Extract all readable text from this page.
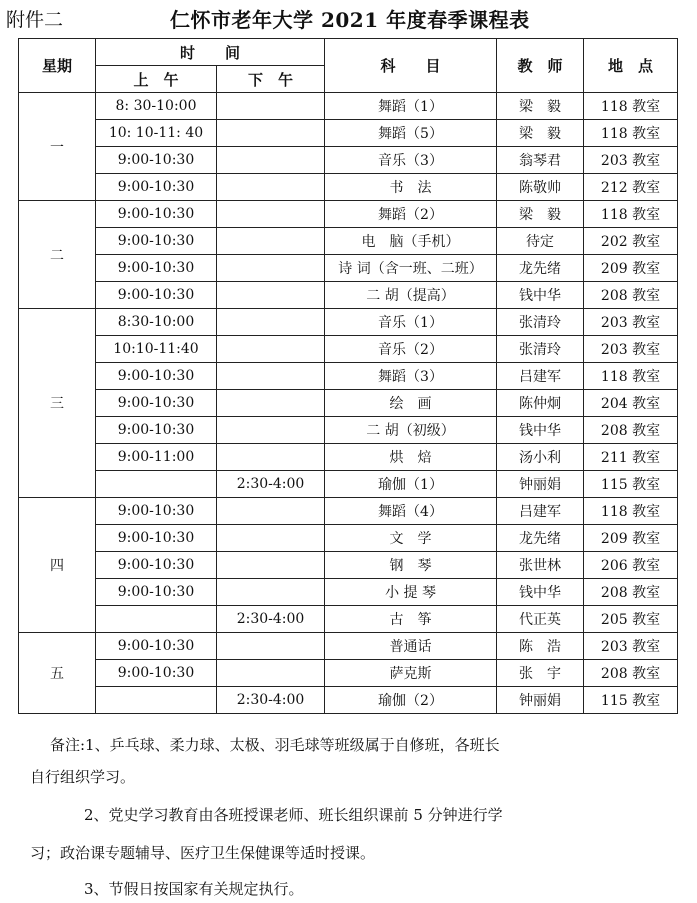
附件二	仁怀市老年大学 2021 年度春季课程表
星期	时　　间		科　　目	教　师	地　点
	上　午	下　午			
一	8: 30-10:00		舞蹈（1）	梁　毅	118 教室
	10: 10-11: 40		舞蹈（5）	梁　毅	118 教室
	9:00-10:30		音乐（3）	翁琴君	203 教室
	9:00-10:30		书　法	陈敬帅	212 教室
二	9:00-10:30		舞蹈（2）	梁　毅	118 教室
	9:00-10:30		电　脑（手机）	待定	202 教室
	9:00-10:30		诗 词（含一班、二班）	龙先绪	209 教室
	9:00-10:30		二 胡（提高）	钱中华	208 教室
三	8:30-10:00		音乐（1）	张清玲	203 教室
	10:10-11:40		音乐（2）	张清玲	203 教室
	9:00-10:30		舞蹈（3）	吕建军	118 教室
	9:00-10:30		绘　画	陈仲炯	204 教室
	9:00-10:30		二 胡（初级）	钱中华	208 教室
	9:00-11:00		烘　焙	汤小利	211 教室
		2:30-4:00	瑜伽（1）	钟丽娟	115 教室
四	9:00-10:30		舞蹈（4）	吕建军	118 教室
	9:00-10:30		文　学	龙先绪	209 教室
	9:00-10:30		钢　琴	张世林	206 教室
	9:00-10:30		小 提 琴	钱中华	208 教室
		2:30-4:00	古　筝	代正英	205 教室
五	9:00-10:30		普通话	陈　浩	203 教室
	9:00-10:30		萨克斯	张　宇	208 教室
		2:30-4:00	瑜伽（2）	钟丽娟	115 教室
备注:1、乒乓球、柔力球、太极、羽毛球等班级属于自修班，各班长
自行组织学习。
2、党史学习教育由各班授课老师、班长组织课前 5 分钟进行学
习；政治课专题辅导、医疗卫生保健课等适时授课。
3、节假日按国家有关规定执行。
